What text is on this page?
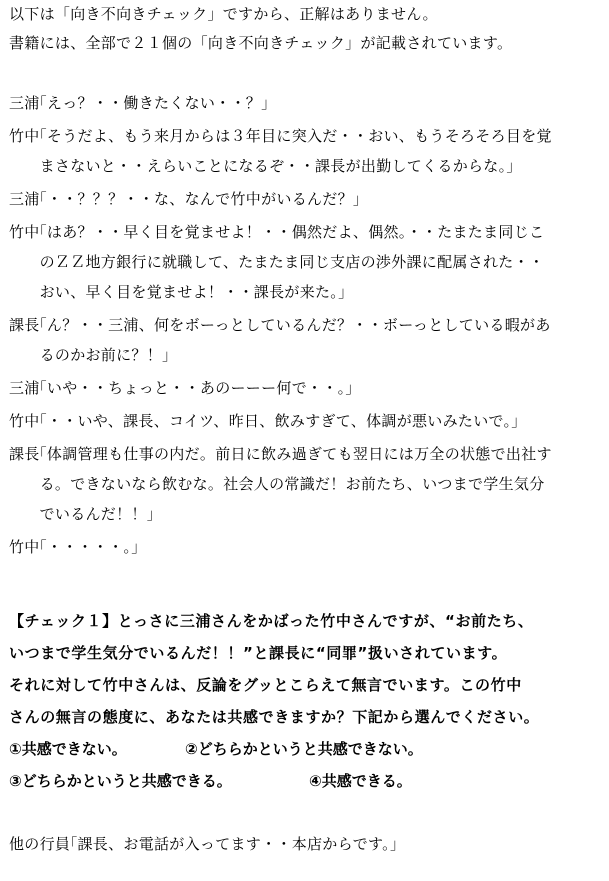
以下は「向き不向きチェック」ですから、正解はありません。
書籍には、全部で２１個の「向き不向きチェック」が記載されています。
三浦
「えっ？・・働きたくない・・？」
竹中
「そうだよ、もう来月からは３年目に突入だ・・おい、もうそろそろ目を覚
まさないと・・えらいことになるぞ・・課長が出勤してくるからな。」
三浦
「・・？？？・・な、なんで竹中がいるんだ？」
竹中
「はあ？・・早く目を覚ませよ！・・偶然だよ、偶然。・・たまたま同じこ
のＺＺ地方銀行に就職して、たまたま同じ支店の渉外課に配属された・・
おい、早く目を覚ませよ！・・課長が来た。」
課長
「ん？・・三浦、何をボーっとしているんだ？・・ボーっとしている暇があ
るのかお前に？！」
三浦
「いや・・ちょっと・・あのーーー何で・・。」
竹中
「・・いや、課長、コイツ、昨日、飲みすぎて、体調が悪いみたいで。」
課長
「体調管理も仕事の内だ。前日に飲み過ぎても翌日には万全の状態で出社す
る。できないなら飲むな。社会人の常識だ！お前たち、いつまで学生気分
でいるんだ！！」
竹中
「・・・・・。」
【チェック１】とっさに三浦さんをかばった竹中さんですが、“お前たち、
いつまで学生気分でいるんだ！！”と課長に“同罪”扱いされています。
それに対して竹中さんは、反論をグッとこらえて無言でいます。この竹中
さんの無言の態度に、あなたは共感できますか？下記から選んでください。
①共感できない。	②どちらかというと共感できない。
③どちらかというと共感できる。	④共感できる。
他の行員
「課長、お電話が入ってます・・本店からです。」
